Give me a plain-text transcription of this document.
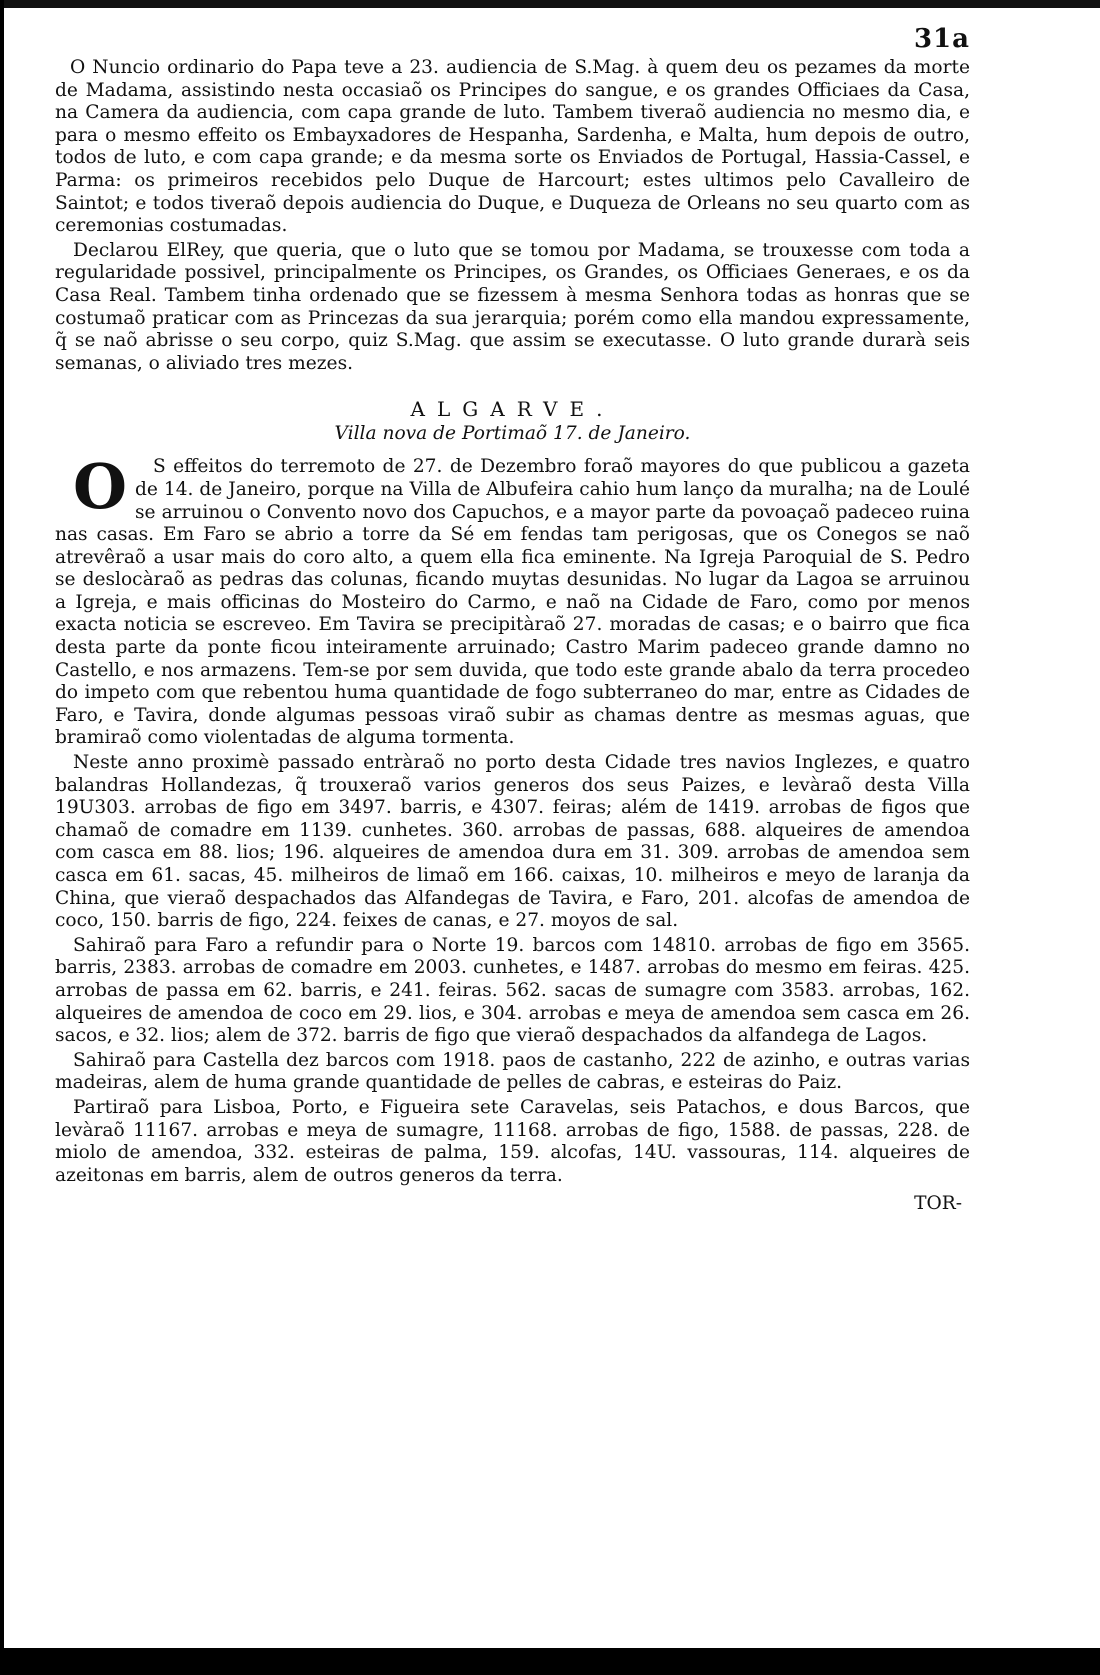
31a

O Nuncio ordinario do Papa teve a 23. audiencia de S.Mag. à quem deu os pezames da morte de Madama, assistindo nesta occasiaõ os Principes do sangue, e os grandes Officiaes da Casa, na Camera da audiencia, com capa grande de luto. Tambem tiveraõ audiencia no mesmo dia, e para o mesmo effeito os Embayxadores de Hespanha, Sardenha, e Malta, hum depois de outro, todos de luto, e com capa grande; e da mesma sorte os Enviados de Portugal, Hassia-Cassel, e Parma: os primeiros recebidos pelo Duque de Harcourt; estes ultimos pelo Cavalleiro de Saintot; e todos tiveraõ depois audiencia do Duque, e Duqueza de Orleans no seu quarto com as ceremonias costumadas.

Declarou ElRey, que queria, que o luto que se tomou por Madama, se trouxesse com toda a regularidade possivel, principalmente os Principes, os Grandes, os Officiaes Generaes, e os da Casa Real. Tambem tinha ordenado que se fizessem à mesma Senhora todas as honras que se costumaõ praticar com as Princezas da sua jerarquia; porém como ella mandou expressamente, q̃ se naõ abrisse o seu corpo, quiz S.Mag. que assim se executasse. O luto grande durarà seis semanas, o aliviado tres mezes.

ALGARVE.
Villa nova de Portimaõ 17. de Janeiro.

O	S effeitos do terremoto de 27. de Dezembro foraõ mayores do que publicou a gazeta de 14. de Janeiro, porque na Villa de Albufeira cahio hum lanço da muralha; na de Loulé se arruinou o Convento novo dos Capuchos, e a mayor parte da povoaçaõ padeceo ruina nas casas. Em Faro se abrio a torre da Sé em fendas tam perigosas, que os Conegos se naõ atrevêraõ a usar mais do coro alto, a quem ella fica eminente. Na Igreja Paroquial de S. Pedro se deslocàraõ as pedras das colunas, ficando muytas desunidas. No lugar da Lagoa se arruinou a Igreja, e mais officinas do Mosteiro do Carmo, e naõ na Cidade de Faro, como por menos exacta noticia se escreveo. Em Tavira se precipitàraõ 27. moradas de casas; e o bairro que fica desta parte da ponte ficou inteiramente arruinado; Castro Marim padeceo grande damno no Castello, e nos armazens. Tem-se por sem duvida, que todo este grande abalo da terra procedeo do impeto com que rebentou huma quantidade de fogo subterraneo do mar, entre as Cidades de Faro, e Tavira, donde algumas pessoas viraõ subir as chamas dentre as mesmas aguas, que bramiraõ como violentadas de alguma tormenta.

Neste anno proximè passado entràraõ no porto desta Cidade tres navios Inglezes, e quatro balandras Hollandezas, q̃ trouxeraõ varios generos dos seus Paizes, e levàraõ desta Villa 19U303. arrobas de figo em 3497. barris, e 4307. feiras; além de 1419. arrobas de figos que chamaõ de comadre em 1139. cunhetes. 360. arrobas de passas, 688. alqueires de amendoa com casca em 88. lios; 196. alqueires de amendoa dura em 31. 309. arrobas de amendoa sem casca em 61. sacas, 45. milheiros de limaõ em 166. caixas, 10. milheiros e meyo de laranja da China, que vieraõ despachados das Alfandegas de Tavira, e Faro, 201. alcofas de amendoa de coco, 150. barris de figo, 224. feixes de canas, e 27. moyos de sal.

Sahiraõ para Faro a refundir para o Norte 19. barcos com 14810. arrobas de figo em 3565. barris, 2383. arrobas de comadre em 2003. cunhetes, e 1487. arrobas do mesmo em feiras. 425. arrobas de passa em 62. barris, e 241. feiras. 562. sacas de sumagre com 3583. arrobas, 162. alqueires de amendoa de coco em 29. lios, e 304. arrobas e meya de amendoa sem casca em 26. sacos, e 32. lios; alem de 372. barris de figo que vieraõ despachados da alfandega de Lagos.

Sahiraõ para Castella dez barcos com 1918. paos de castanho, 222 de azinho, e outras varias madeiras, alem de huma grande quantidade de pelles de cabras, e esteiras do Paiz.

Partiraõ para Lisboa, Porto, e Figueira sete Caravelas, seis Patachos, e dous Barcos, que levàraõ 11167. arrobas e meya de sumagre, 11168. arrobas de figo, 1588. de passas, 228. de miolo de amendoa, 332. esteiras de palma, 159. alcofas, 14U. vassouras, 114. alqueires de azeitonas em barris, alem de outros generos da terra.

TOR-
